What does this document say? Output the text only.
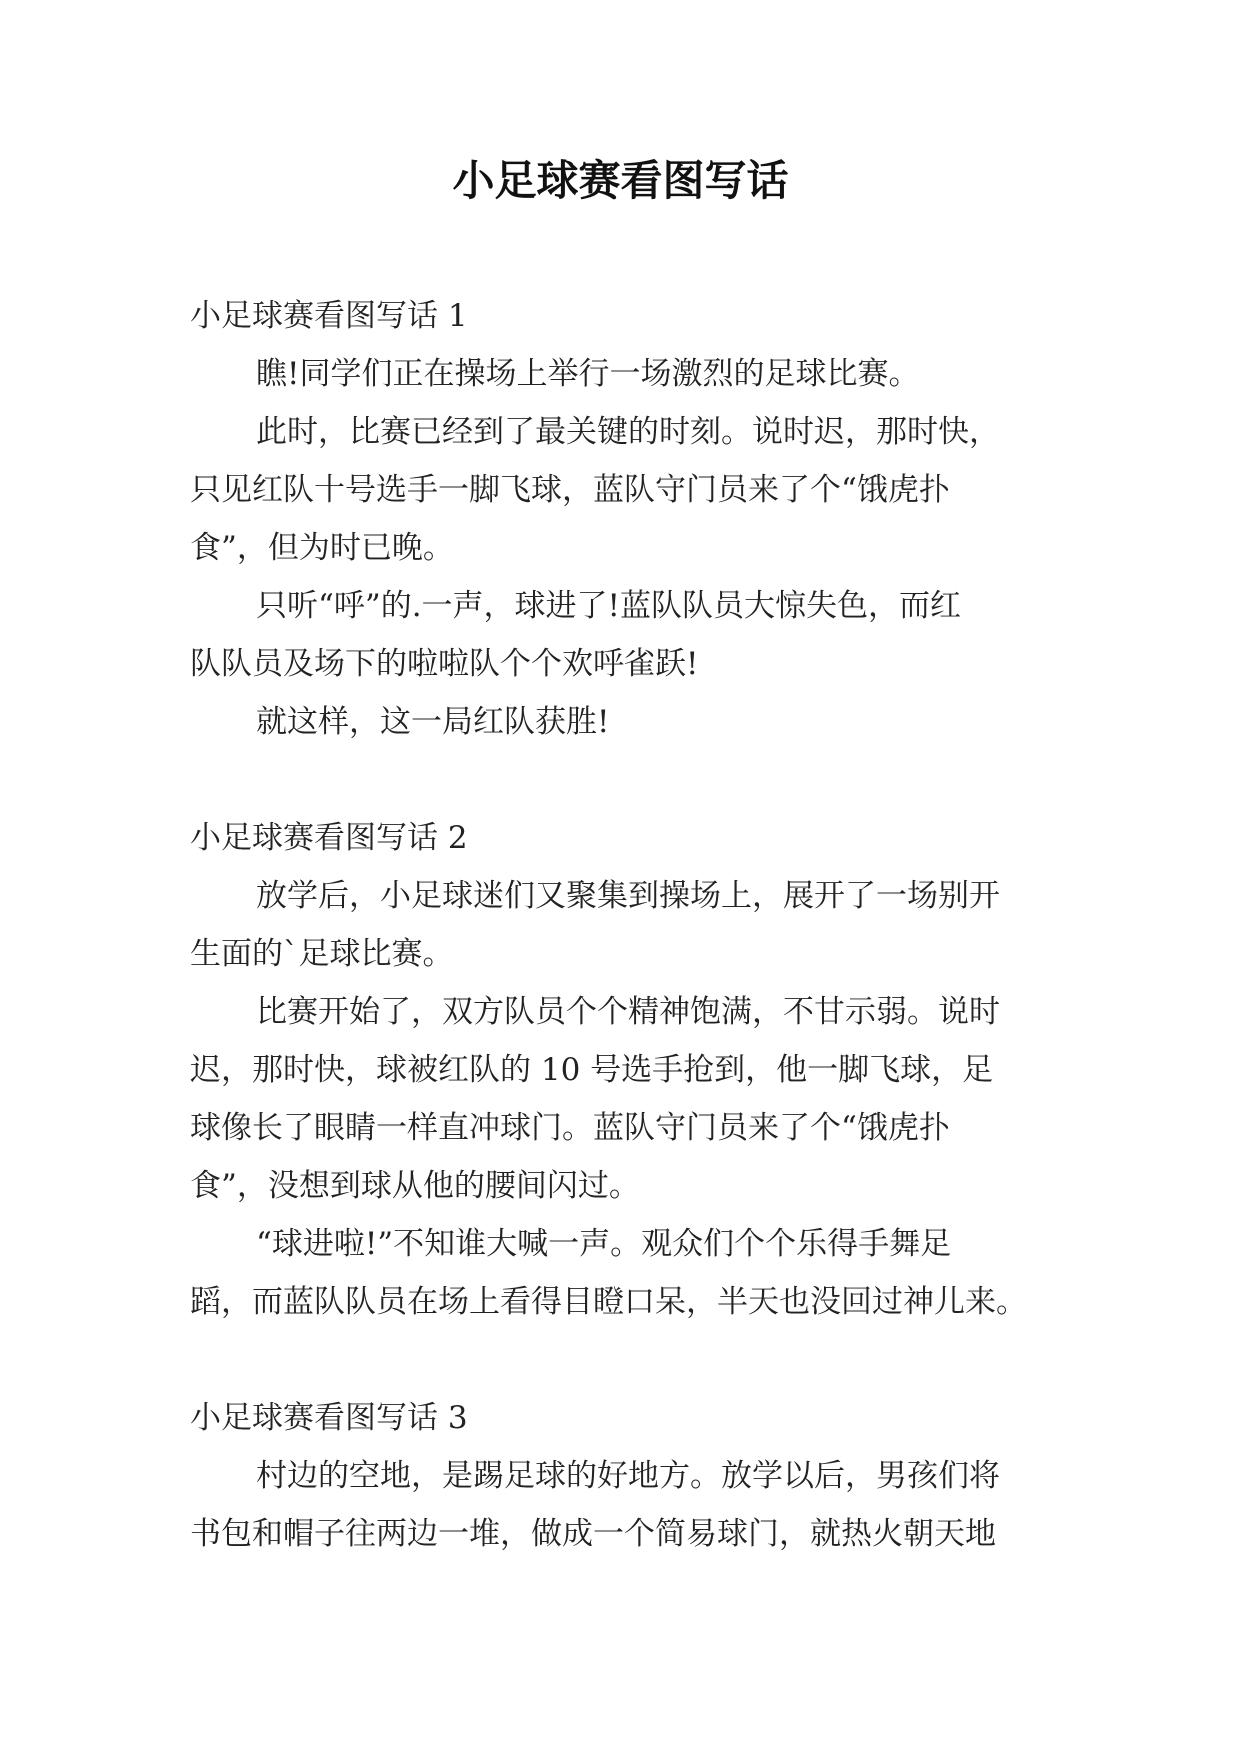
小足球赛看图写话

小足球赛看图写话 1

瞧!同学们正在操场上举行一场激烈的足球比赛。

此时，比赛已经到了最关键的时刻。说时迟，那时快，
只见红队十号选手一脚飞球，蓝队守门员来了个“饿虎扑
食”，但为时已晚。

只听“呼”的.一声，球进了!蓝队队员大惊失色，而红
队队员及场下的啦啦队个个欢呼雀跃!

就这样，这一局红队获胜!

小足球赛看图写话 2

放学后，小足球迷们又聚集到操场上，展开了一场别开
生面的`足球比赛。

比赛开始了，双方队员个个精神饱满，不甘示弱。说时
迟，那时快，球被红队的 10 号选手抢到，他一脚飞球，足
球像长了眼睛一样直冲球门。蓝队守门员来了个“饿虎扑
食”，没想到球从他的腰间闪过。

“球进啦!”不知谁大喊一声。观众们个个乐得手舞足
蹈，而蓝队队员在场上看得目瞪口呆，半天也没回过神儿来。

小足球赛看图写话 3

村边的空地，是踢足球的好地方。放学以后，男孩们将
书包和帽子往两边一堆，做成一个简易球门，就热火朝天地
